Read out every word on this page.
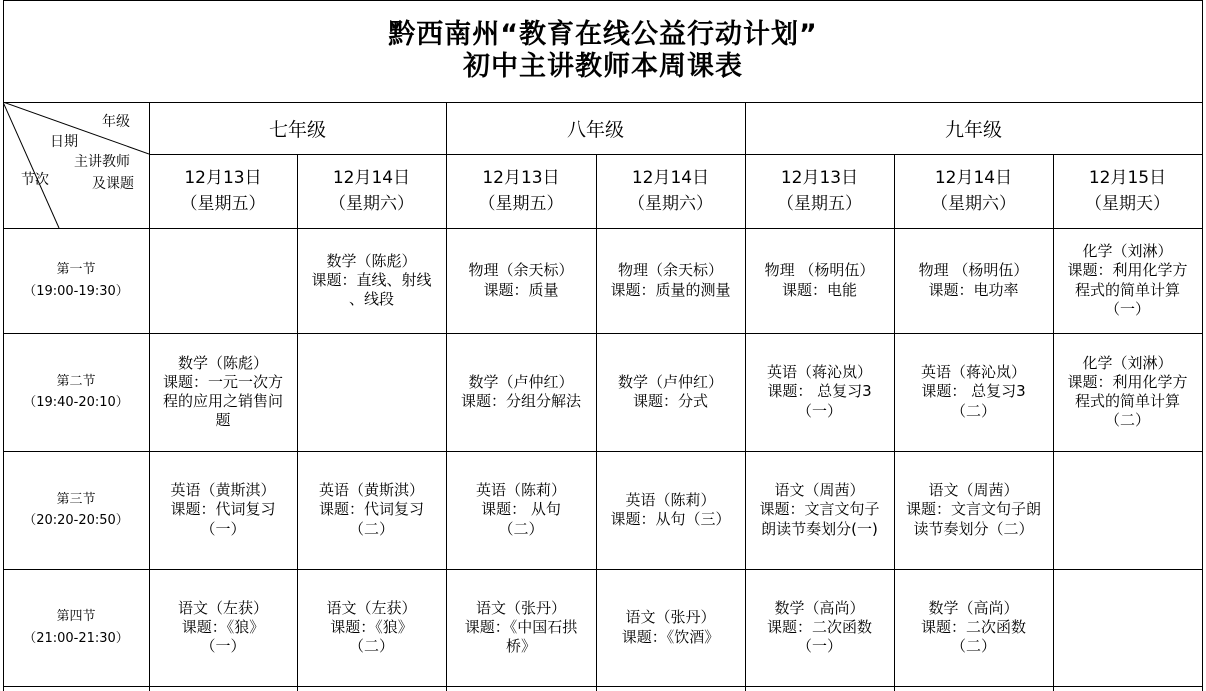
黔西南州“教育在线公益行动计划”
初中主讲教师本周课表
年级
日期
主讲教师
及课题
节次
七年级	八年级	九年级
12月13日
（星期五）
12月14日
（星期六）
12月13日
（星期五）
12月14日
（星期六）
12月13日
（星期五）
12月14日
（星期六）
12月15日
（星期天）
第一节
（19:00-19:30）
数学（陈彪）
课题：直线、射线
、线段
物理（余天标）
课题：质量
物理（余天标）
课题：质量的测量
物理 （杨明伍）
课题：电能
物理 （杨明伍）
课题：电功率
化学（刘淋）
课题：利用化学方
程式的简单计算
（一）
第二节
（19:40-20:10）
数学（陈彪）
课题：一元一次方
程的应用之销售问
题
数学（卢仲红）
课题：分组分解法
数学（卢仲红）
课题：分式
英语（蒋沁岚）
课题： 总复习3
（一）
英语（蒋沁岚）
课题： 总复习3
（二）
化学（刘淋）
课题：利用化学方
程式的简单计算
（二）
第三节
（20:20-20:50）
英语（黄斯淇）
课题：代词复习
（一）
英语（黄斯淇）
课题：代词复习
（二）
英语（陈莉）
课题： 从句
（二）
英语（陈莉）
课题：从句（三）
语文（周茜）
课题：文言文句子
朗读节奏划分(一)
语文（周茜）
课题：文言文句子朗
读节奏划分（二）
第四节
（21:00-21:30）
语文（左获）
课题：《狼》
（一）
语文（左获）
课题：《狼》
（二）
语文（张丹）
课题：《中国石拱
桥》
语文（张丹）
课题：《饮酒》
数学（高尚）
课题：二次函数
（一）
数学（高尚）
课题：二次函数
（二）
